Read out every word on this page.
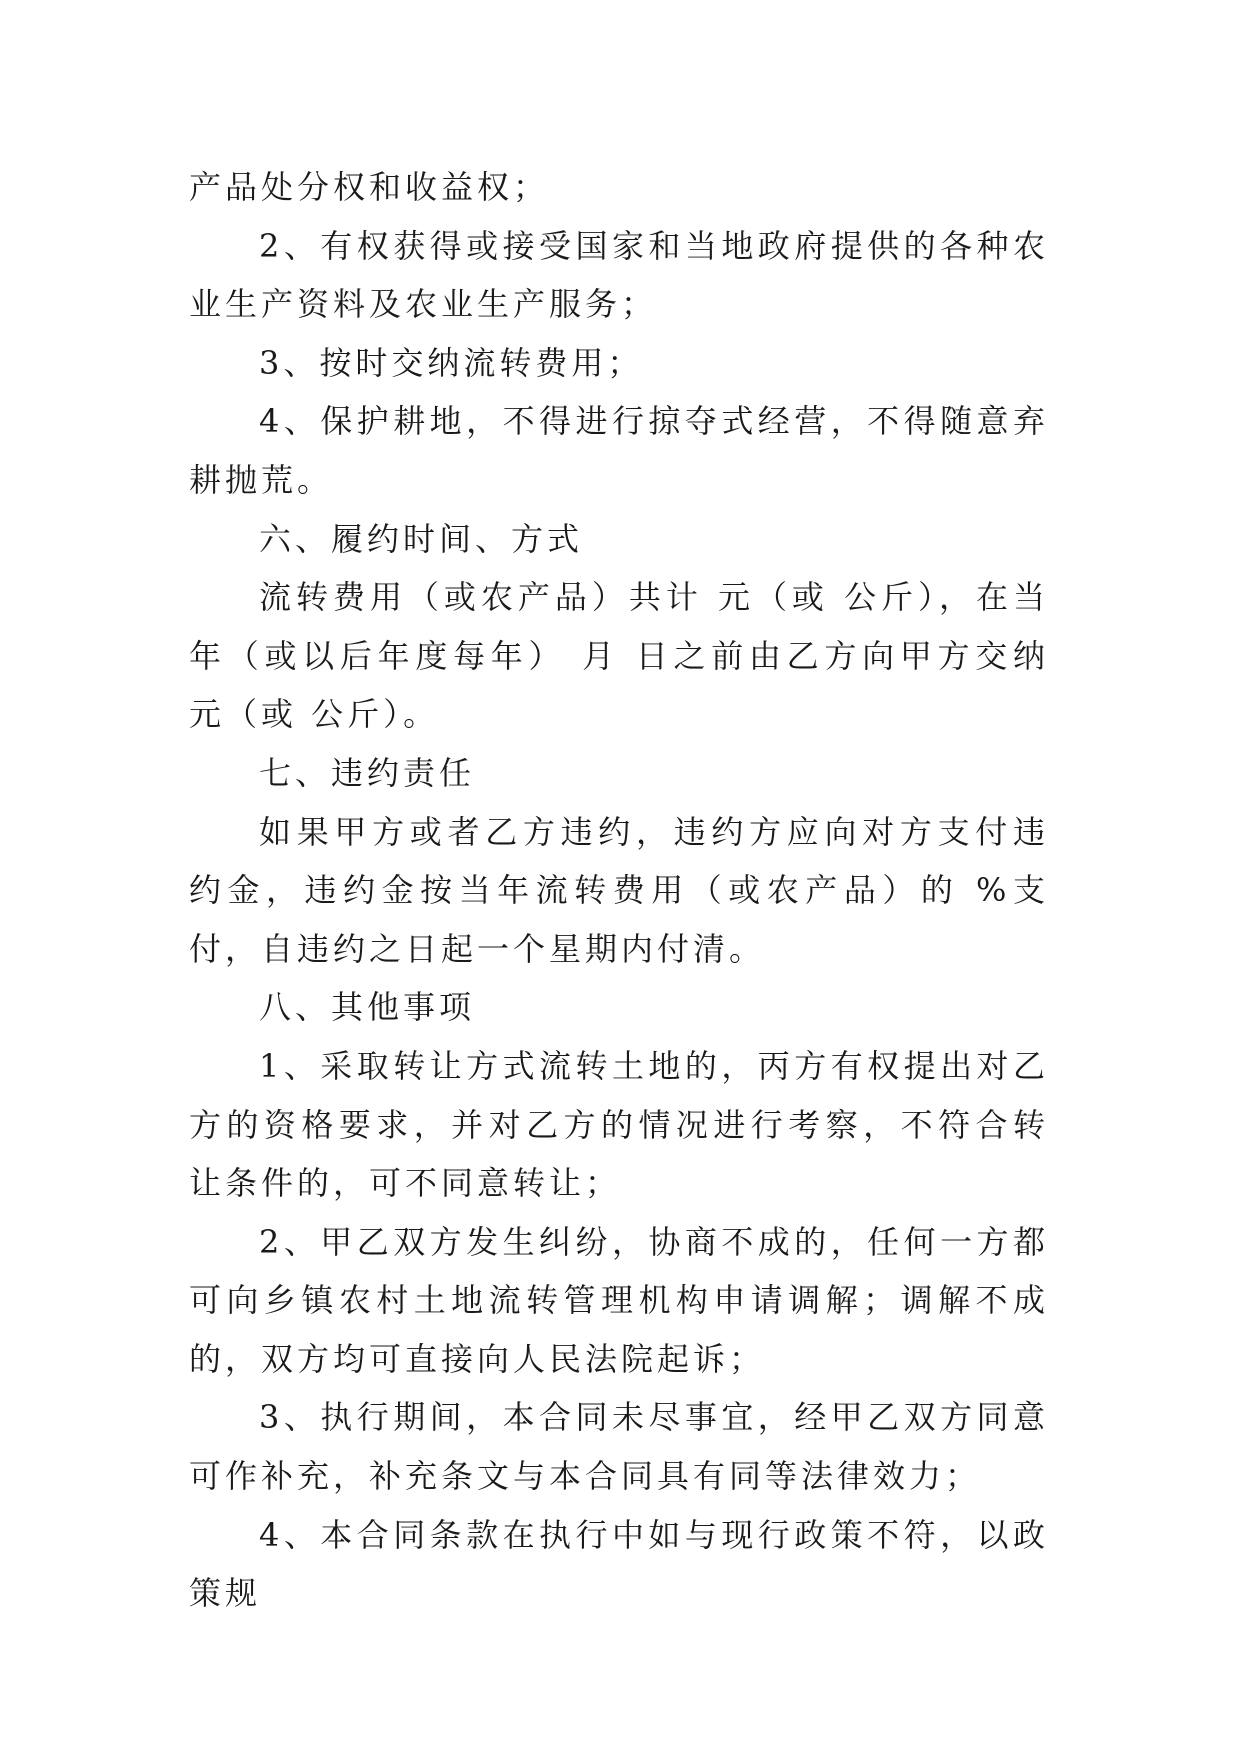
产品处分权和收益权；

2、有权获得或接受国家和当地政府提供的各种农业生产资料及农业生产服务；

3、按时交纳流转费用；

4、保护耕地，不得进行掠夺式经营，不得随意弃耕抛荒。

六、履约时间、方式

流转费用（或农产品）共计 元（或 公斤），在当年（或以后年度每年） 月 日之前由乙方向甲方交纳 元（或 公斤）。

七、违约责任

如果甲方或者乙方违约，违约方应向对方支付违约金，违约金按当年流转费用（或农产品）的 %支付，自违约之日起一个星期内付清。

八、其他事项

1、采取转让方式流转土地的，丙方有权提出对乙方的资格要求，并对乙方的情况进行考察，不符合转让条件的，可不同意转让；

2、甲乙双方发生纠纷，协商不成的，任何一方都可向乡镇农村土地流转管理机构申请调解；调解不成的，双方均可直接向人民法院起诉；

3、执行期间，本合同未尽事宜，经甲乙双方同意可作补充，补充条文与本合同具有同等法律效力；

4、本合同条款在执行中如与现行政策不符，以政策规
